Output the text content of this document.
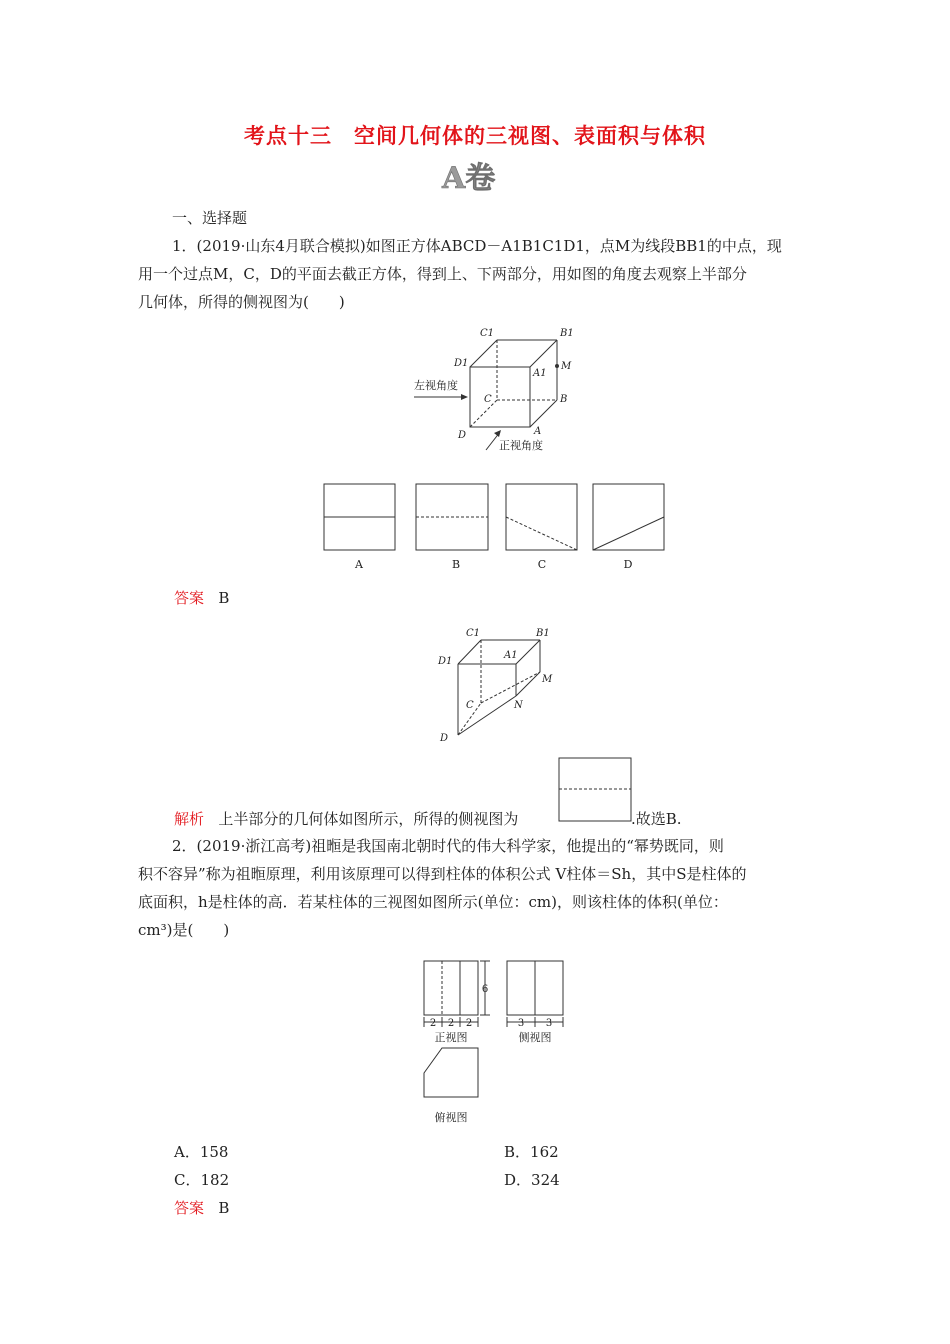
考点十三　空间几何体的三视图、表面积与体积
A卷
一、选择题
1．(2019·山东4月联合模拟)如图正方体ABCD－A1B1C1D1，点M为线段BB1的中点，现
用一个过点M，C，D的平面去截正方体，得到上、下两部分，用如图的角度去观察上半部分
几何体，所得的侧视图为(　　)
C1	B1
D1
A1
M
C	B
D	A
左视角度
正视角度
A	B	C	D
答案 B
C1	B1
D1
A1
M
C	N
D
解析 上半部分的几何体如图所示，所得的侧视图为	.故选B.
2．(2019·浙江高考)祖暅是我国南北朝时代的伟大科学家，他提出的“幂势既同，则
积不容异”称为祖暅原理，利用该原理可以得到柱体的体积公式 V柱体＝Sh，其中S是柱体的
底面积，h是柱体的高．若某柱体的三视图如图所示(单位：cm)，则该柱体的体积(单位：
cm³)是(　　)
2 2 2
6
3 3
正视图	侧视图
俯视图
A．158	B．162
C．182	D．324
答案 B
